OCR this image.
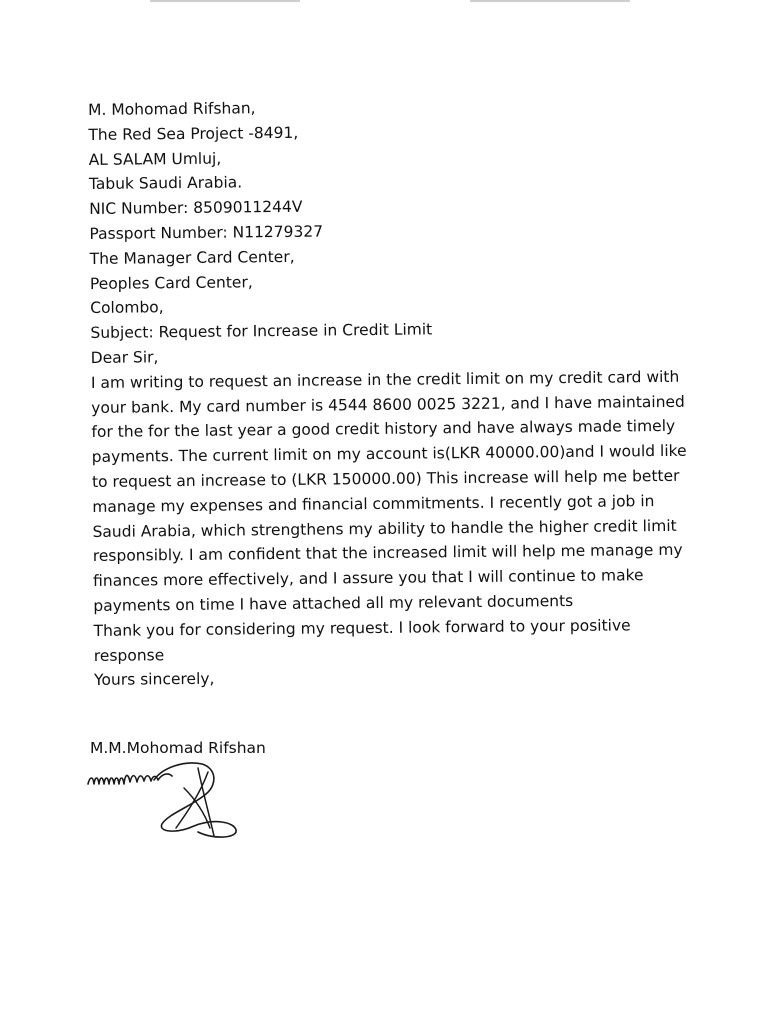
M. Mohomad Rifshan,
The Red Sea Project -8491,
AL SALAM Umluj,
Tabuk Saudi Arabia.
NIC Number: 8509011244V
Passport Number: N11279327
The Manager Card Center,
Peoples Card Center,
Colombo,
Subject: Request for Increase in Credit Limit
Dear Sir,
I am writing to request an increase in the credit limit on my credit card with
your bank. My card number is 4544 8600 0025 3221, and I have maintained
for the for the last year a good credit history and have always made timely
payments. The current limit on my account is(LKR 40000.00)and I would like
to request an increase to (LKR 150000.00) This increase will help me better
manage my expenses and financial commitments. I recently got a job in
Saudi Arabia, which strengthens my ability to handle the higher credit limit
responsibly. I am confident that the increased limit will help me manage my
finances more effectively, and I assure you that I will continue to make
payments on time I have attached all my relevant documents
Thank you for considering my request. I look forward to your positive
response
Yours sincerely,
M.M.Mohomad Rifshan
